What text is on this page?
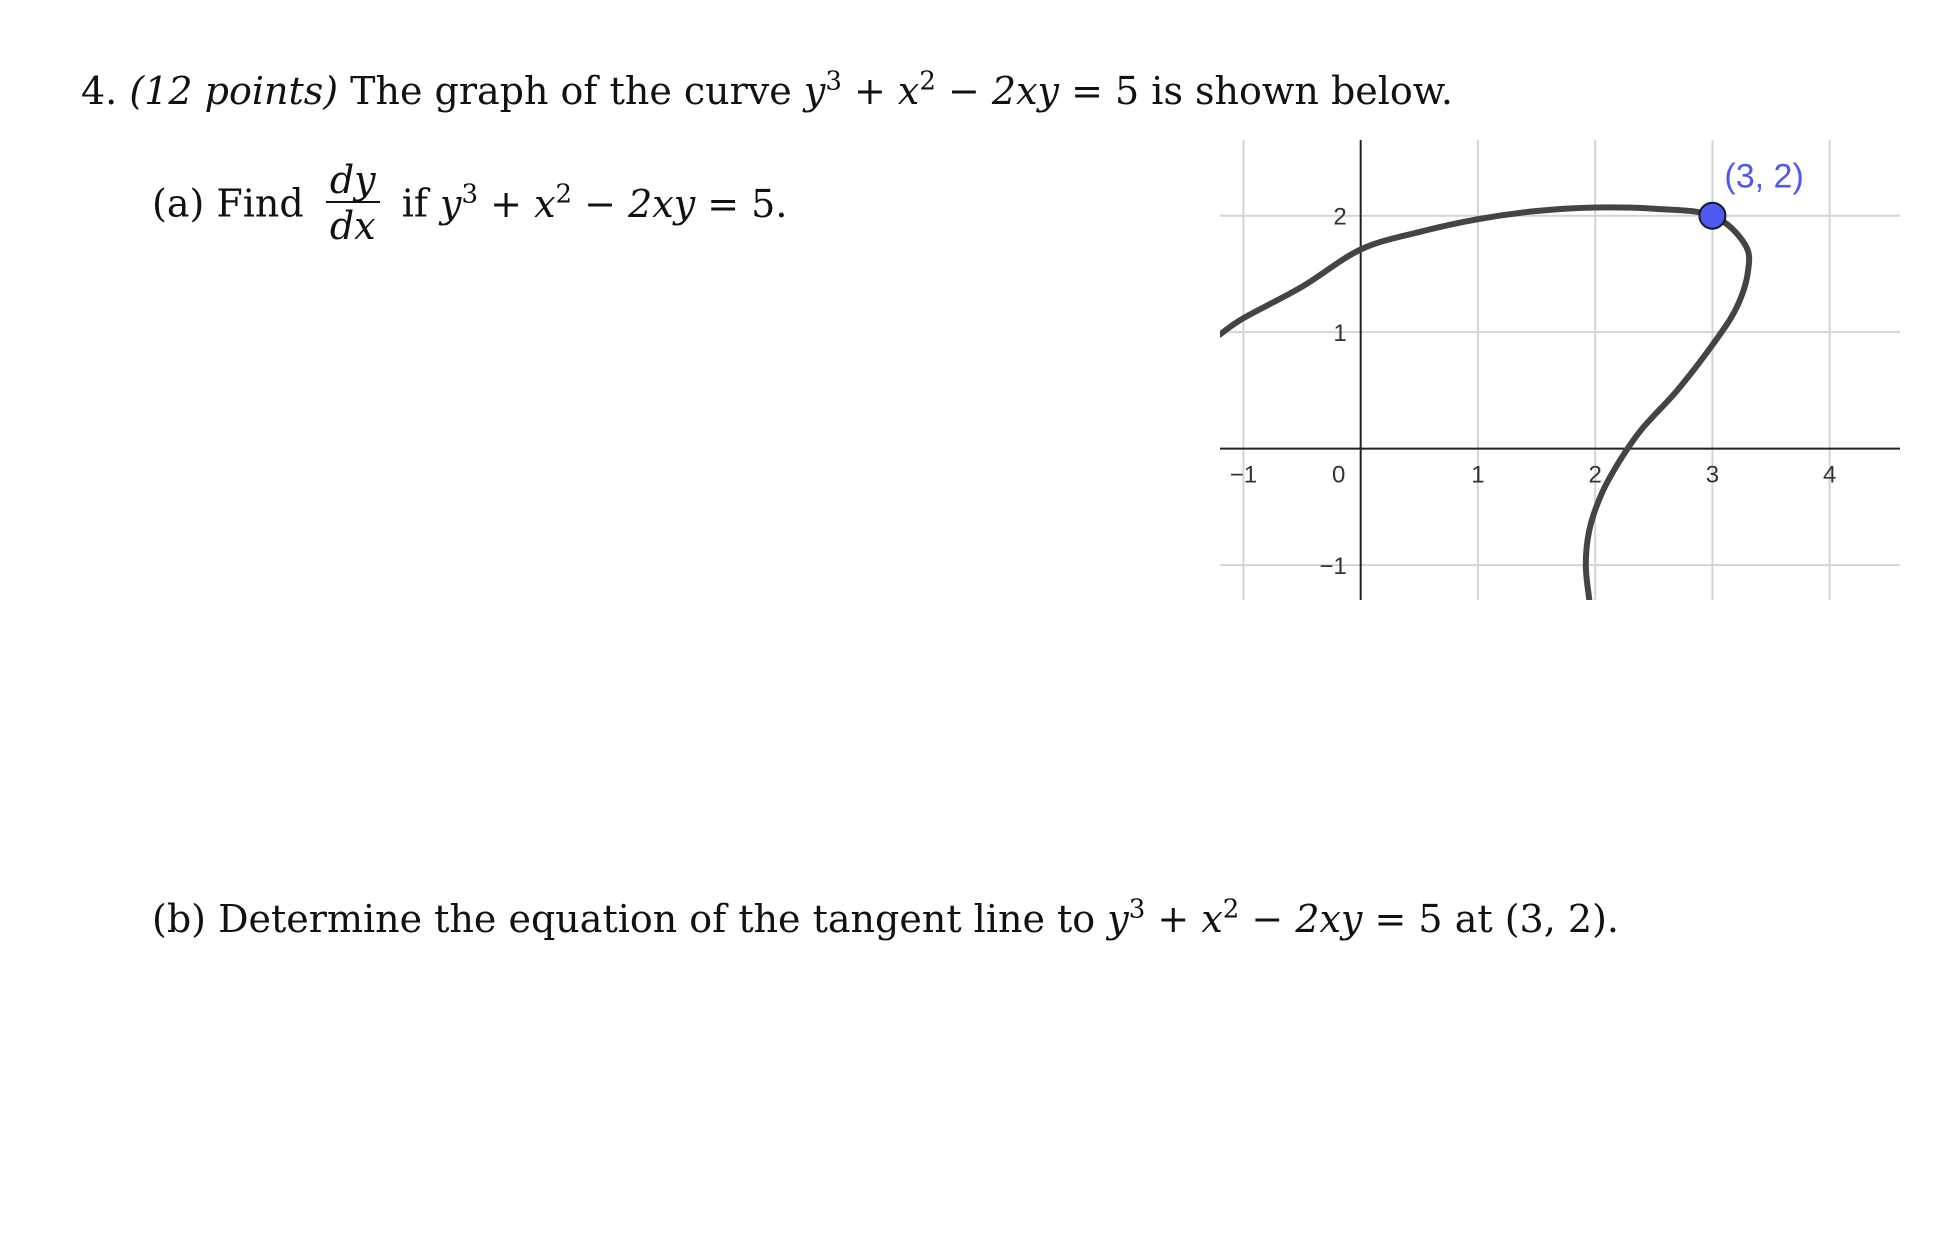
4. (12 points) The graph of the curve $y^3 + x^2 - 2xy = 5$ is shown below.
(a) Find $\frac{dy}{dx}$ if $y^3 + x^2 - 2xy = 5$.
(b) Determine the equation of the tangent line to $y^3 + x^2 - 2xy = 5$ at (3, 2).
−1	0	1	2	3	4
−1
1
2
(3, 2)
